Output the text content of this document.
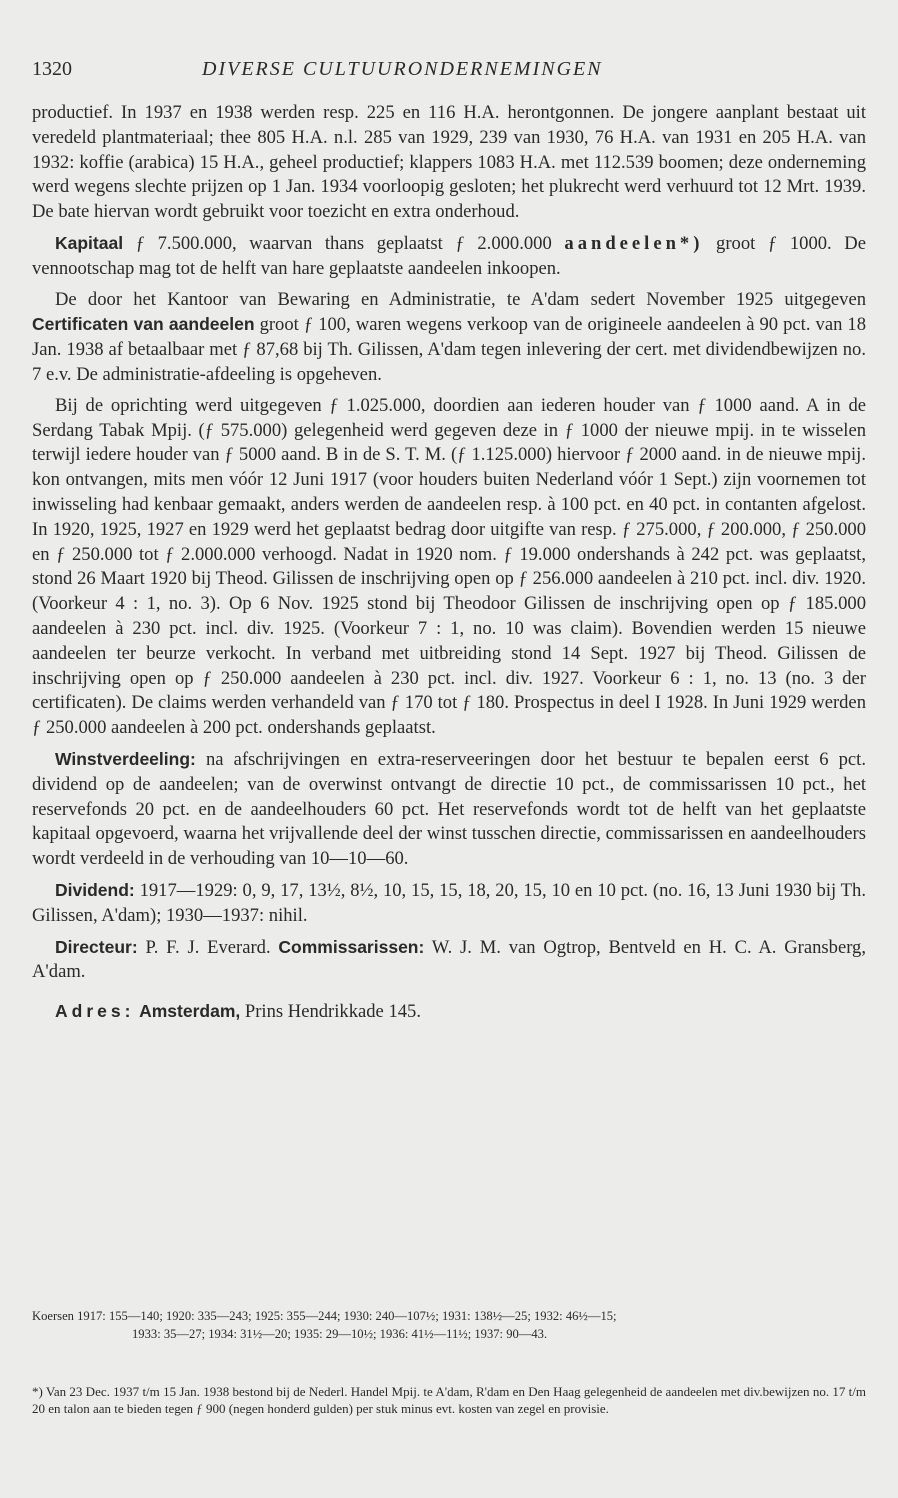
1320	DIVERSE CULTUURONDERNEMINGEN

productief. In 1937 en 1938 werden resp. 225 en 116 H.A. herontgonnen. De jongere aanplant bestaat uit veredeld plantmateriaal; thee 805 H.A. n.l. 285 van 1929, 239 van 1930, 76 H.A. van 1931 en 205 H.A. van 1932: koffie (arabica) 15 H.A., geheel productief; klappers 1083 H.A. met 112.539 boomen; deze onderneming werd wegens slechte prijzen op 1 Jan. 1934 voorloopig gesloten; het plukrecht werd verhuurd tot 12 Mrt. 1939. De bate hiervan wordt gebruikt voor toezicht en extra onderhoud.

Kapitaal ƒ 7.500.000, waarvan thans geplaatst ƒ 2.000.000 aandeelen*) groot ƒ 1000. De vennootschap mag tot de helft van hare geplaatste aandeelen inkoopen.

De door het Kantoor van Bewaring en Administratie, te A'dam sedert November 1925 uitgegeven Certificaten van aandeelen groot ƒ 100, waren wegens verkoop van de origineele aandeelen à 90 pct. van 18 Jan. 1938 af betaalbaar met ƒ 87,68 bij Th. Gilissen, A'dam tegen inlevering der cert. met dividendbewijzen no. 7 e.v. De administratie-afdeeling is opgeheven.

Bij de oprichting werd uitgegeven ƒ 1.025.000, doordien aan iederen houder van ƒ 1000 aand. A in de Serdang Tabak Mpij. (ƒ 575.000) gelegenheid werd gegeven deze in ƒ 1000 der nieuwe mpij. in te wisselen terwijl iedere houder van ƒ 5000 aand. B in de S. T. M. (ƒ 1.125.000) hiervoor ƒ 2000 aand. in de nieuwe mpij. kon ontvangen, mits men vóór 12 Juni 1917 (voor houders buiten Nederland vóór 1 Sept.) zijn voornemen tot inwisseling had kenbaar gemaakt, anders werden de aandeelen resp. à 100 pct. en 40 pct. in contanten afgelost. In 1920, 1925, 1927 en 1929 werd het geplaatst bedrag door uitgifte van resp. ƒ 275.000, ƒ 200.000, ƒ 250.000 en ƒ 250.000 tot ƒ 2.000.000 verhoogd. Nadat in 1920 nom. ƒ 19.000 ondershands à 242 pct. was geplaatst, stond 26 Maart 1920 bij Theod. Gilissen de inschrijving open op ƒ 256.000 aandeelen à 210 pct. incl. div. 1920. (Voorkeur 4 : 1, no. 3). Op 6 Nov. 1925 stond bij Theodoor Gilissen de inschrijving open op ƒ 185.000 aandeelen à 230 pct. incl. div. 1925. (Voorkeur 7 : 1, no. 10 was claim). Bovendien werden 15 nieuwe aandeelen ter beurze verkocht. In verband met uitbreiding stond 14 Sept. 1927 bij Theod. Gilissen de inschrijving open op ƒ 250.000 aandeelen à 230 pct. incl. div. 1927. Voorkeur 6 : 1, no. 13 (no. 3 der certificaten). De claims werden verhandeld van ƒ 170 tot ƒ 180. Prospectus in deel I 1928. In Juni 1929 werden ƒ 250.000 aandeelen à 200 pct. ondershands geplaatst.

Winstverdeeling: na afschrijvingen en extra-reserveeringen door het bestuur te bepalen eerst 6 pct. dividend op de aandeelen; van de overwinst ontvangt de directie 10 pct., de commissarissen 10 pct., het reservefonds 20 pct. en de aandeelhouders 60 pct. Het reservefonds wordt tot de helft van het geplaatste kapitaal opgevoerd, waarna het vrijvallende deel der winst tusschen directie, commissarissen en aandeelhouders wordt verdeeld in de verhouding van 10—10—60.

Dividend: 1917—1929: 0, 9, 17, 13½, 8½, 10, 15, 15, 18, 20, 15, 10 en 10 pct. (no. 16, 13 Juni 1930 bij Th. Gilissen, A'dam); 1930—1937: nihil.

Directeur: P. F. J. Everard. Commissarissen: W. J. M. van Ogtrop, Bentveld en H. C. A. Gransberg, A'dam.

Adres: Amsterdam, Prins Hendrikkade 145.

Koersen 1917: 155—140; 1920: 335—243; 1925: 355—244; 1930: 240—107½; 1931: 138½—25; 1932: 46½—15;
1933: 35—27; 1934: 31½—20; 1935: 29—10½; 1936: 41½—11½; 1937: 90—43.
*) Van 23 Dec. 1937 t/m 15 Jan. 1938 bestond bij de Nederl. Handel Mpij. te A'dam, R'dam en Den Haag gelegenheid de aandeelen met div.bewijzen no. 17 t/m 20 en talon aan te bieden tegen ƒ 900 (negen honderd gulden) per stuk minus evt. kosten van zegel en provisie.
